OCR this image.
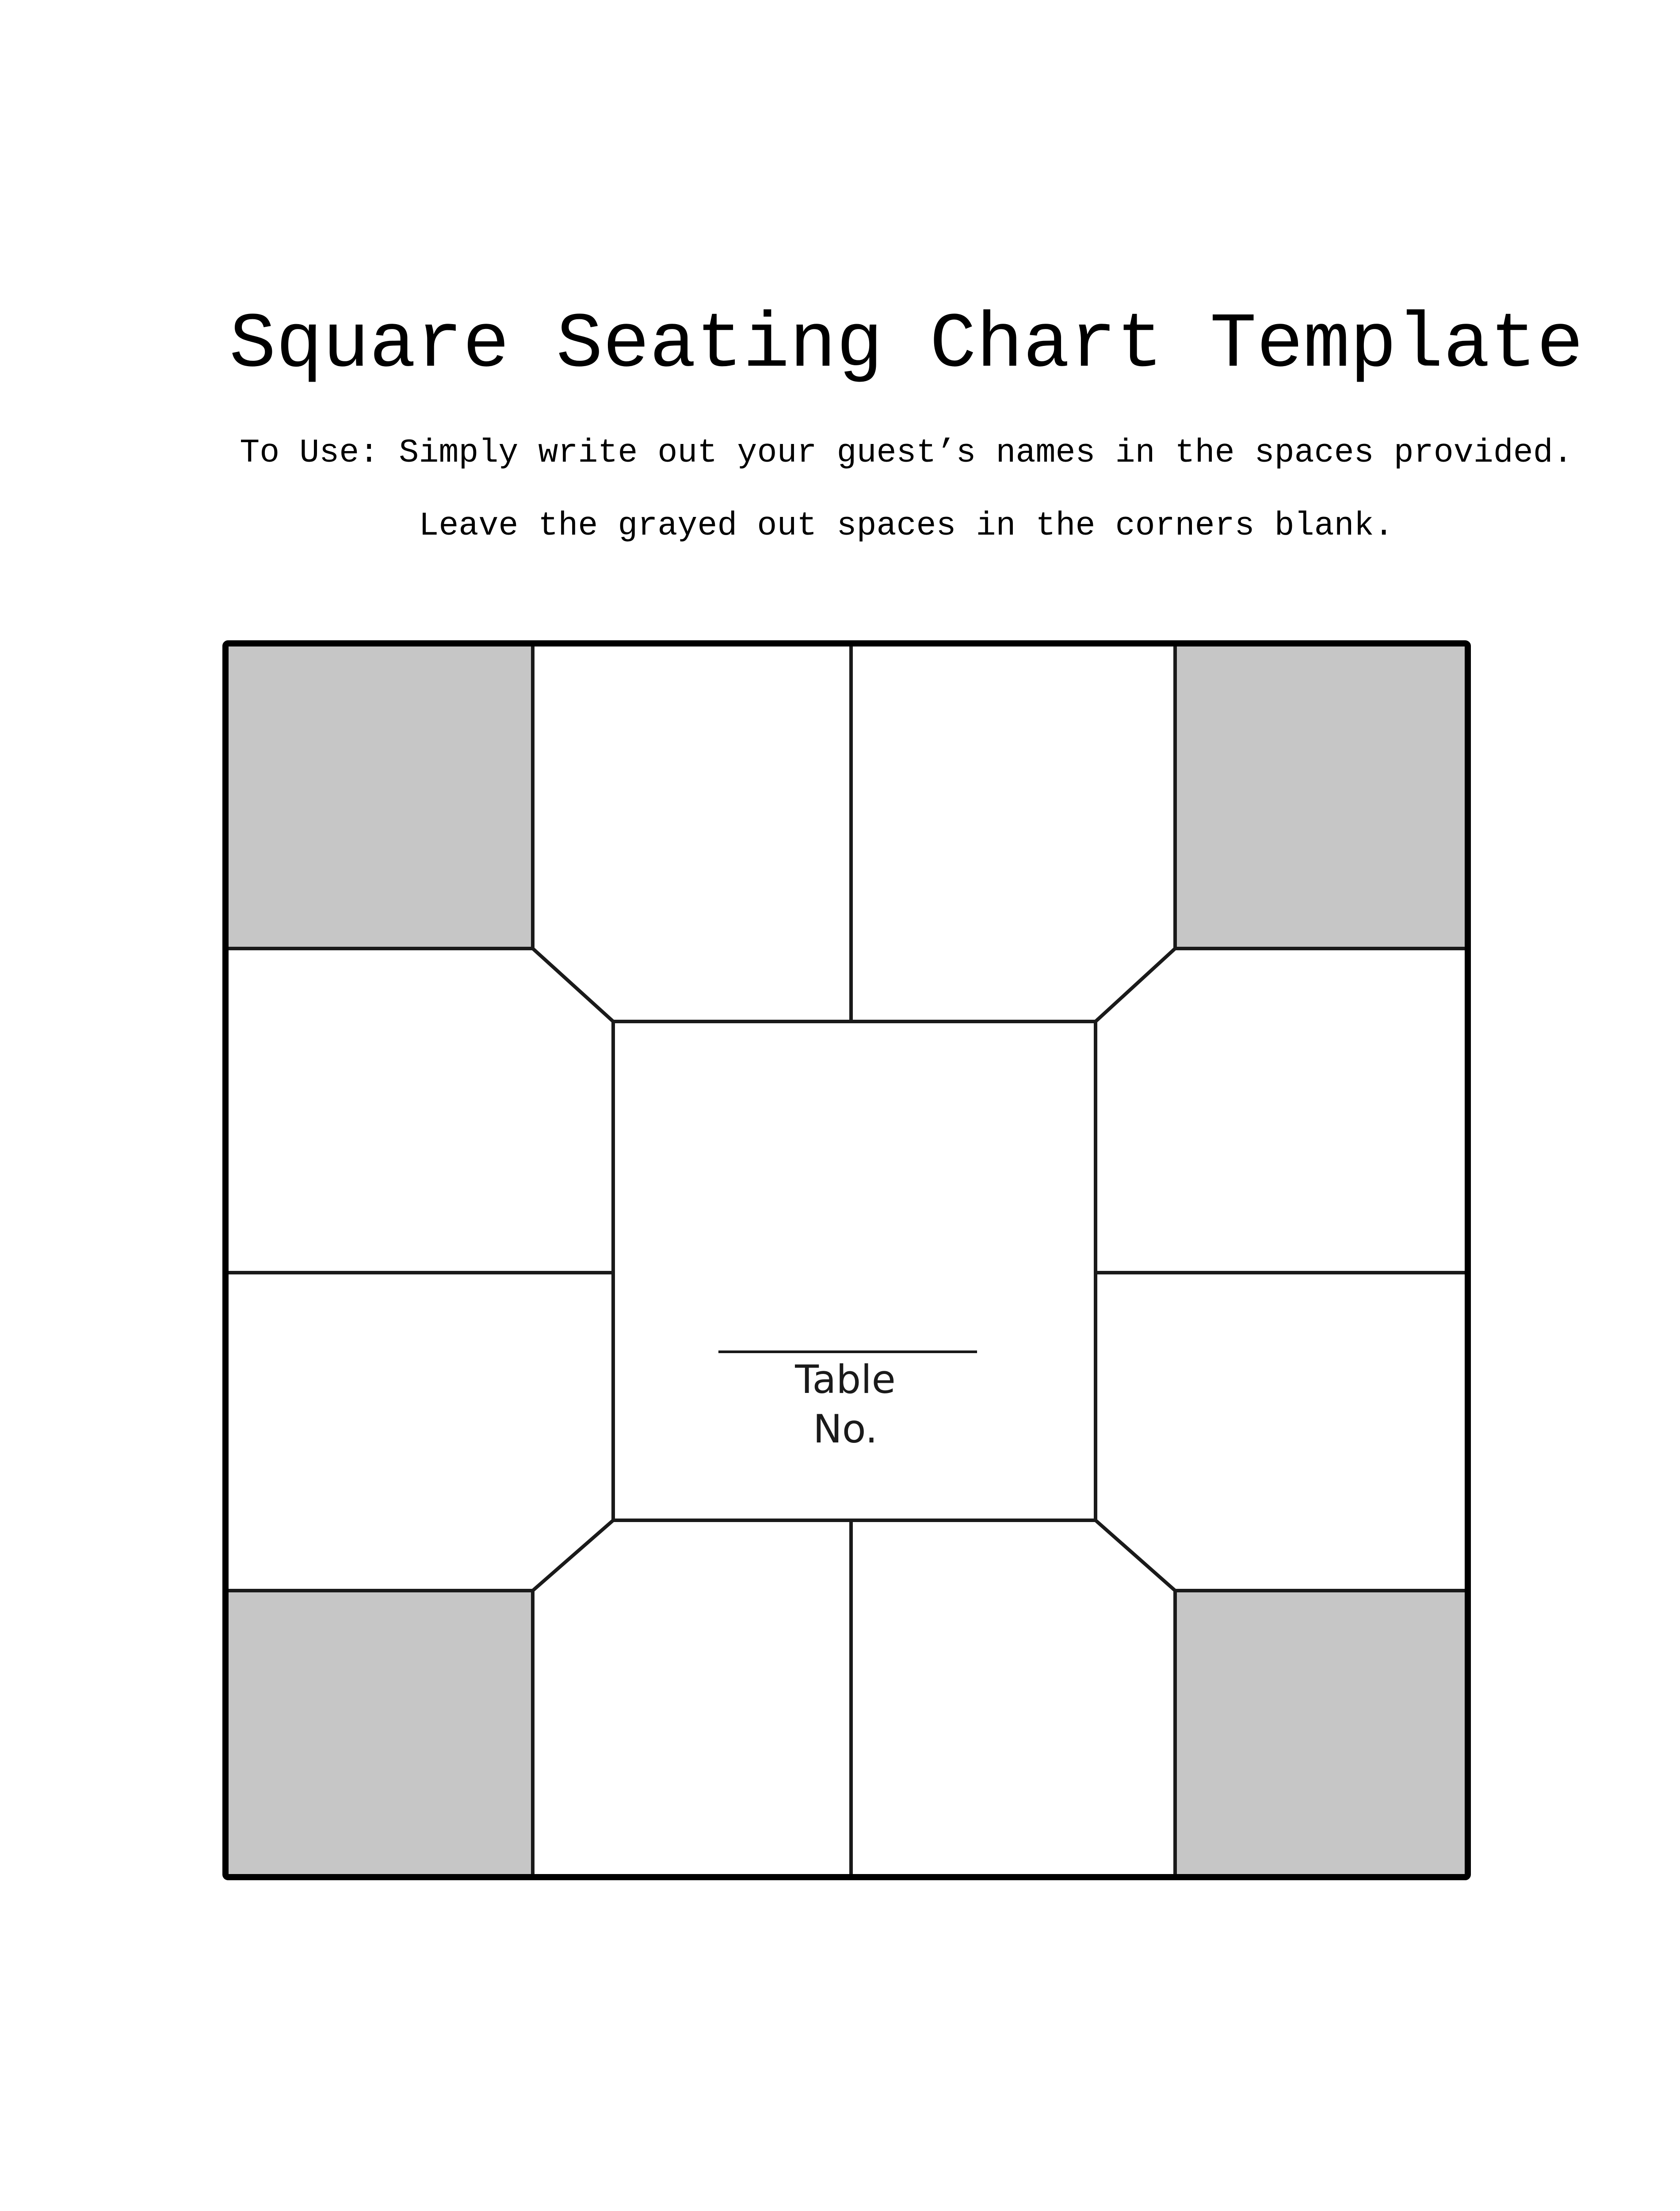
Square Seating Chart Template

To Use: Simply write out your guest’s names in the spaces provided.

Leave the grayed out spaces in the corners blank.

Table
No.
